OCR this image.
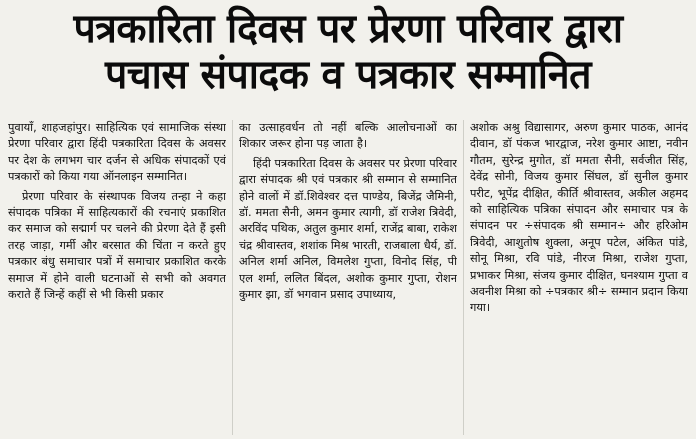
पत्रकारिता दिवस पर प्रेरणा परिवार द्वारा
पचास संपादक व पत्रकार सम्मानित

पुवायाँ, शाहजहांपुर। साहित्यिक एवं सामाजिक संस्था प्रेरणा परिवार द्वारा हिंदी पत्रकारिता दिवस के अवसर पर देश के लगभग चार दर्जन से अधिक संपादकों एवं पत्रकारों को किया गया ऑनलाइन सम्मानित।

प्रेरणा परिवार के संस्थापक विजय तन्हा ने कहा संपादक पत्रिका में साहित्यकारों की रचनाएं प्रकाशित कर समाज को सद्मार्ग पर चलने की प्रेरणा देते हैं इसी तरह जाड़ा, गर्मी और बरसात की चिंता न करते हुए पत्रकार बंधु समाचार पत्रों में समाचार प्रकाशित करके समाज में होने वाली घटनाओं से सभी को अवगत कराते हैं जिन्हें कहीं से भी किसी प्रकार

का उत्साहवर्धन तो नहीं बल्कि आलोचनाओं का शिकार जरूर होना पड़ जाता है।

हिंदी पत्रकारिता दिवस के अवसर पर प्रेरणा परिवार द्वारा संपादक श्री एवं पत्रकार श्री सम्मान से सम्मानित होने वालों में डॉ.शिवेश्वर दत्त पाण्डेय, बिजेंद्र जैमिनी, डॉ. ममता सैनी, अमन कुमार त्यागी, डॉ राजेश त्रिवेदी, अरविंद पथिक, अतुल कुमार शर्मा, राजेंद्र बाबा, राकेश चंद्र श्रीवास्तव, शशांक मिश्र भारती, राजबाला धैर्य, डॉ. अनिल शर्मा अनिल, विमलेश गुप्ता, विनोद सिंह, पी एल शर्मा, ललित बिंदल, अशोक कुमार गुप्ता, रोशन कुमार झा, डॉ भगवान प्रसाद उपाध्याय,

अशोक अश्रु विद्यासागर, अरुण कुमार पाठक, आनंद दीवान, डॉ पंकज भारद्वाज, नरेश कुमार आष्टा, नवीन गौतम, सुरेन्द्र मुगोत, डॉ ममता सैनी, सर्वजीत सिंह, देवेंद्र सोनी, विजय कुमार सिंघल, डॉ सुनील कुमार परीट, भूपेंद्र दीक्षित, कीर्ति श्रीवास्तव, अकील अहमद को साहित्यिक पत्रिका संपादन और समाचार पत्र के संपादन पर ÷संपादक श्री सम्मान÷ और हरिओम त्रिवेदी, आशुतोष शुक्ला, अनूप पटेल, अंकित पांडे, सोनू मिश्रा, रवि पांडे, नीरज मिश्रा, राजेश गुप्ता, प्रभाकर मिश्रा, संजय कुमार दीक्षित, घनश्याम गुप्ता व अवनीश मिश्रा को ÷पत्रकार श्री÷ सम्मान प्रदान किया गया।
